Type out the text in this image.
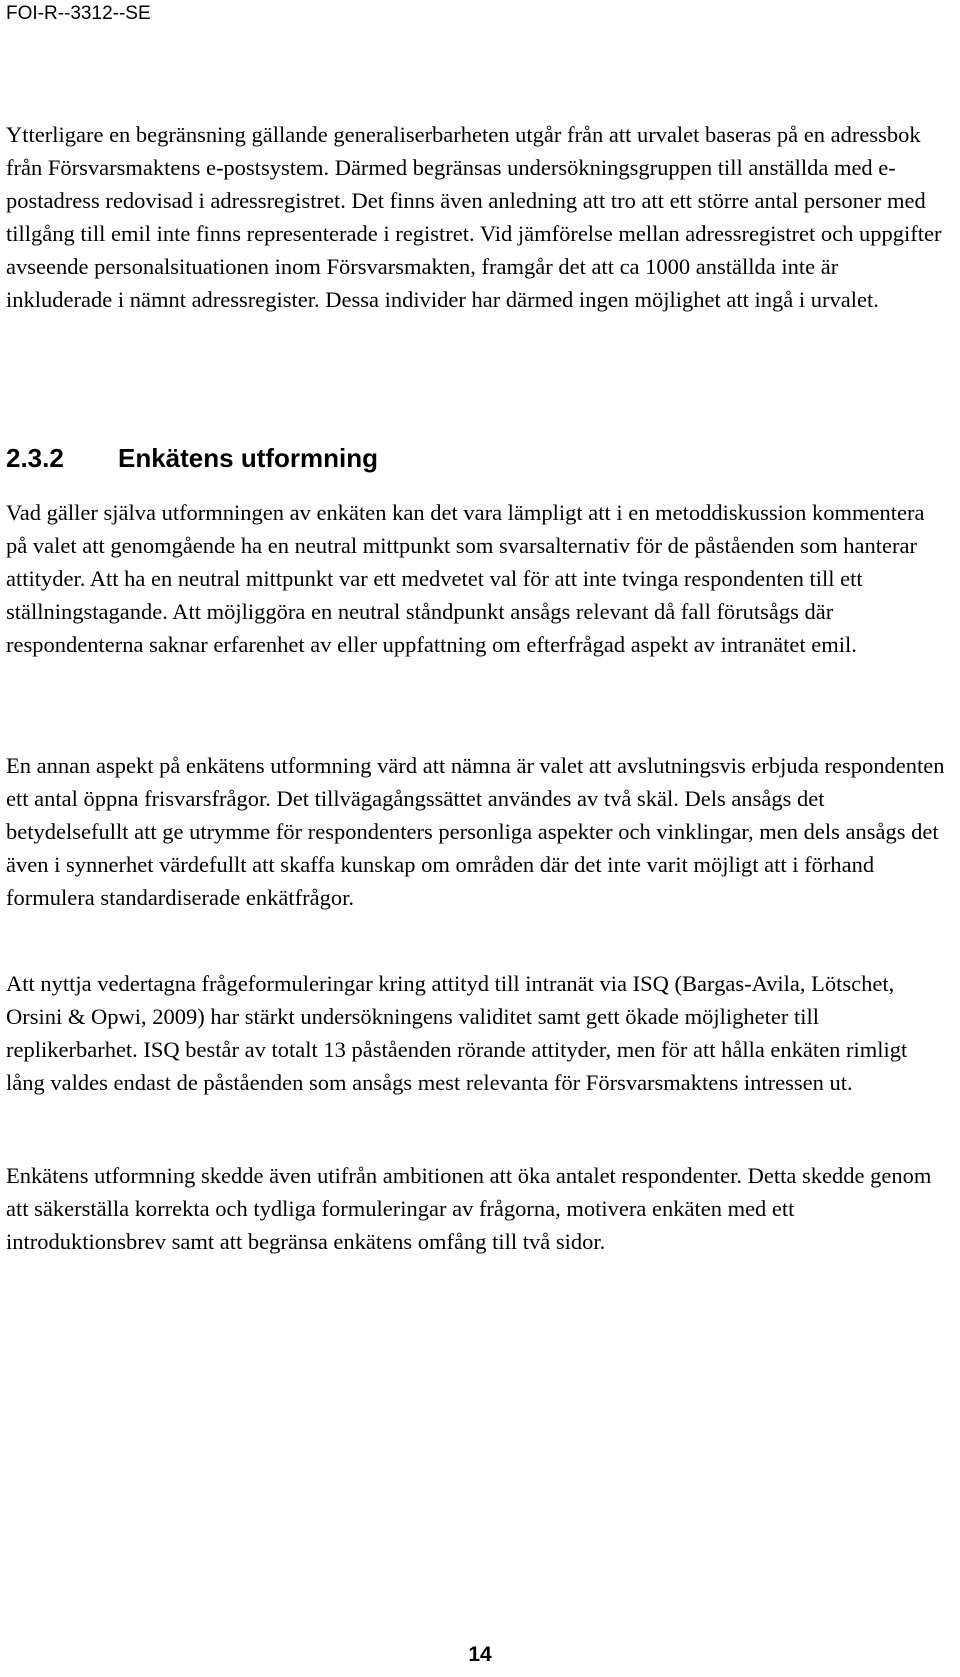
FOI-R--3312--SE

Ytterligare en begränsning gällande generaliserbarheten utgår från att urvalet baseras på en adressbok från Försvarsmaktens e-postsystem. Därmed begränsas undersökningsgruppen till anställda med e-postadress redovisad i adressregistret. Det finns även anledning att tro att ett större antal personer med tillgång till emil inte finns representerade i registret. Vid jämförelse mellan adressregistret och uppgifter avseende personalsituationen inom Försvarsmakten, framgår det att ca 1000 anställda inte är inkluderade i nämnt adressregister. Dessa individer har därmed ingen möjlighet att ingå i urvalet.

2.3.2 Enkätens utformning

Vad gäller själva utformningen av enkäten kan det vara lämpligt att i en metoddiskussion kommentera på valet att genomgående ha en neutral mittpunkt som svarsalternativ för de påståenden som hanterar attityder. Att ha en neutral mittpunkt var ett medvetet val för att inte tvinga respondenten till ett ställningstagande. Att möjliggöra en neutral ståndpunkt ansågs relevant då fall förutsågs där respondenterna saknar erfarenhet av eller uppfattning om efterfrågad aspekt av intranätet emil.

En annan aspekt på enkätens utformning värd att nämna är valet att avslutningsvis erbjuda respondenten ett antal öppna frisvarsfrågor. Det tillvägagångssättet användes av två skäl. Dels ansågs det betydelsefullt att ge utrymme för respondenters personliga aspekter och vinklingar, men dels ansågs det även i synnerhet värdefullt att skaffa kunskap om områden där det inte varit möjligt att i förhand formulera standardiserade enkätfrågor.

Att nyttja vedertagna frågeformuleringar kring attityd till intranät via ISQ (Bargas-Avila, Lötschet, Orsini & Opwi, 2009) har stärkt undersökningens validitet samt gett ökade möjligheter till replikerbarhet. ISQ består av totalt 13 påståenden rörande attityder, men för att hålla enkäten rimligt lång valdes endast de påståenden som ansågs mest relevanta för Försvarsmaktens intressen ut.

Enkätens utformning skedde även utifrån ambitionen att öka antalet respondenter. Detta skedde genom att säkerställa korrekta och tydliga formuleringar av frågorna, motivera enkäten med ett introduktionsbrev samt att begränsa enkätens omfång till två sidor.

14
